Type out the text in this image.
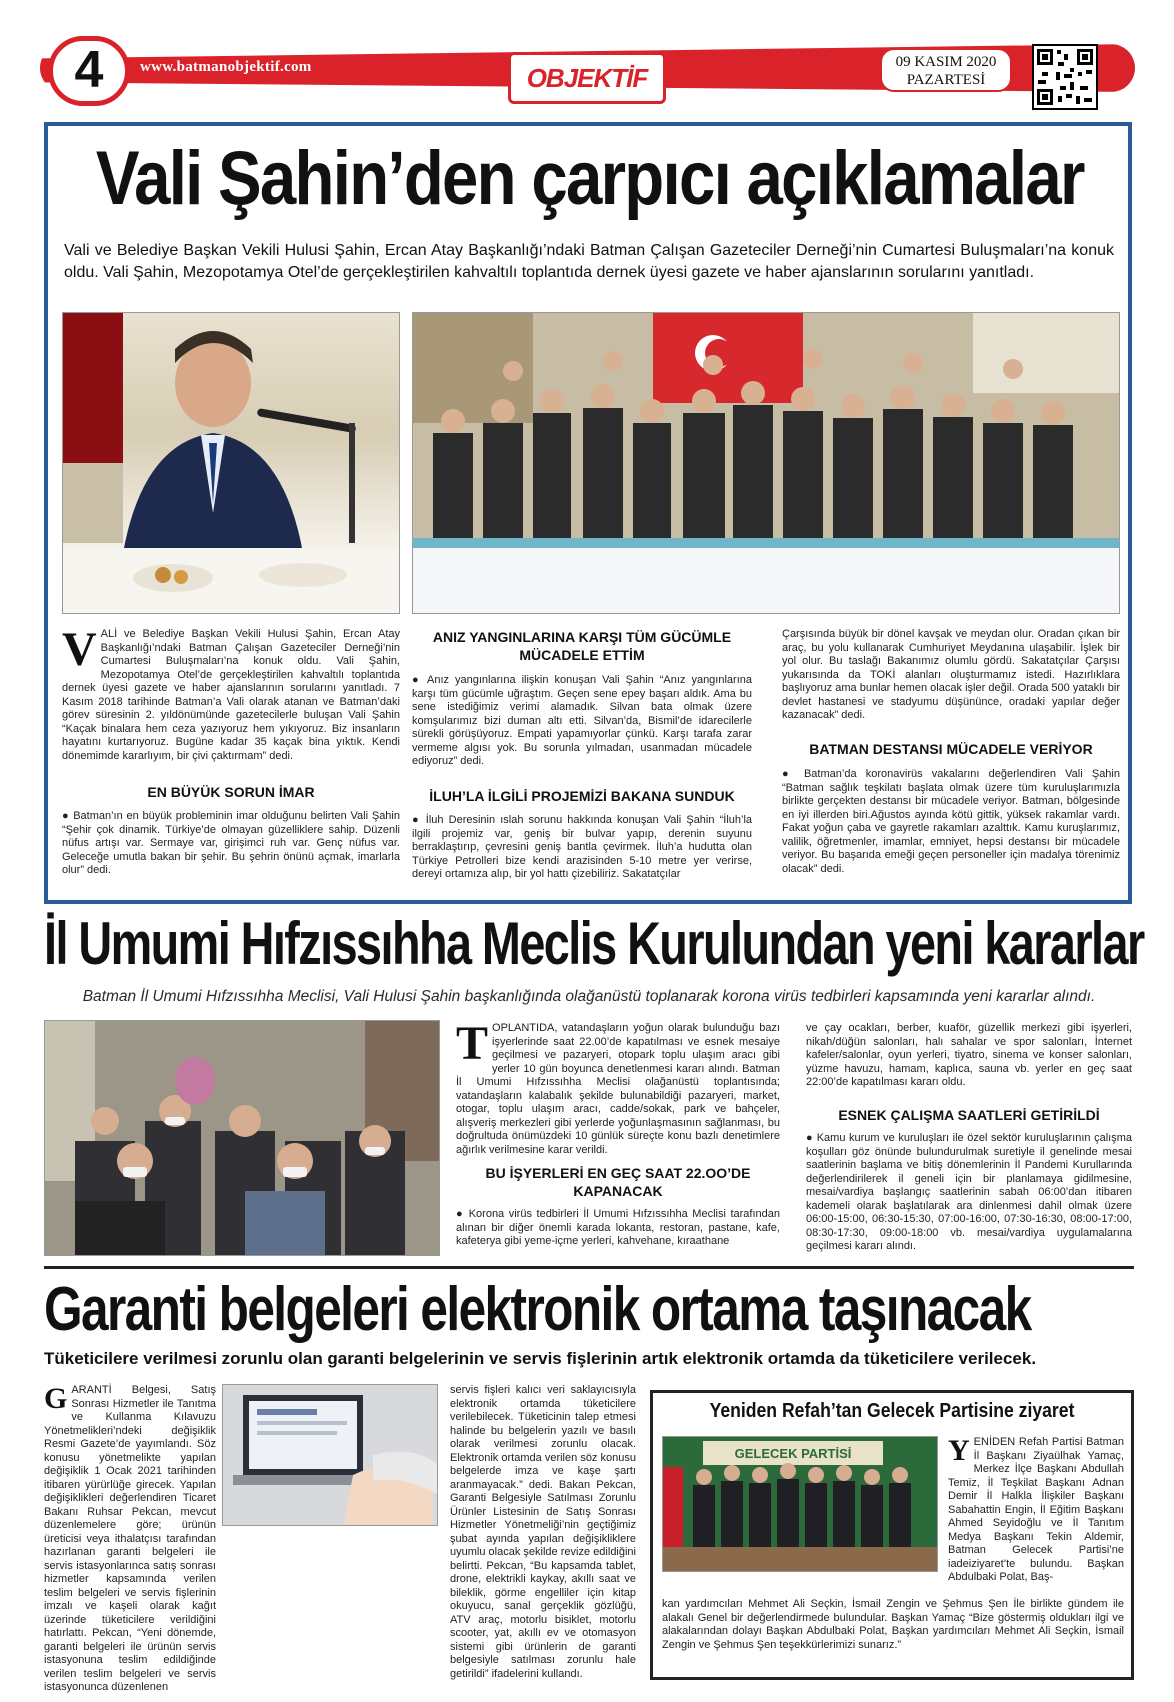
4	www.batmanobjektif.com	OBJEKTİF
09 KASIM 2020
PAZARTESİ
Vali Şahin’den çarpıcı açıklamalar
Vali ve Belediye Başkan Vekili Hulusi Şahin, Ercan Atay Başkanlığı’ndaki Batman Çalışan Gazeteciler Derneği’nin Cumartesi Buluşmaları’na konuk oldu. Vali Şahin, Mezopotamya Otel’de gerçekleştirilen kahvaltılı toplantıda dernek üyesi gazete ve haber ajanslarının sorularını yanıtladı.
VALİ ve Belediye Başkan Vekili Hulusi Şahin, Ercan Atay Başkanlığı’ndaki Batman Çalışan Gazeteciler Derneği’nin Cumartesi Buluşmaları’na konuk oldu. Vali Şahin, Mezopotamya Otel’de gerçekleştirilen kahvaltılı toplantıda dernek üyesi gazete ve haber ajanslarının sorularını yanıtladı. 7 Kasım 2018 tarihinde Batman’a Vali olarak atanan ve Batman’daki görev süresinin 2. yıldönümünde gazetecilerle buluşan Vali Şahin “Kaçak binalara hem ceza yazıyoruz hem yıkıyoruz. Biz insanların hayatını kurtarıyoruz. Bugüne kadar 35 kaçak bina yıktık. Kendi dönemimde kararlıyım, bir çivi çaktırmam” dedi.
EN BÜYÜK SORUN İMAR
● Batman’ın en büyük probleminin imar olduğunu belirten Vali Şahin “Şehir çok dinamik. Türkiye’de olmayan güzelliklere sahip. Düzenli nüfus artışı var. Sermaye var, girişimci ruh var. Genç nüfus var. Geleceğe umutla bakan bir şehir. Bu şehrin önünü açmak, imarlarla olur” dedi.
ANIZ YANGINLARINA KARŞI TÜM GÜCÜMLE MÜCADELE ETTİM
● Anız yangınlarına ilişkin konuşan Vali Şahin “Anız yangınlarına karşı tüm gücümle uğraştım. Geçen sene epey başarı aldık. Ama bu sene istediğimiz verimi alamadık. Silvan bata olmak üzere komşularımız bizi duman altı etti. Silvan’da, Bismil’de idarecilerle sürekli görüşüyoruz. Empati yapamıyorlar çünkü. Karşı tarafa zarar vermeme algısı yok. Bu sorunla yılmadan, usanmadan mücadele ediyoruz” dedi.
İLUH’LA İLGİLİ PROJEMİZİ BAKANA SUNDUK
● İluh Deresinin ıslah sorunu hakkında konuşan Vali Şahin “İluh’la ilgili projemiz var, geniş bir bulvar yapıp, derenin suyunu berraklaştırıp, çevresini geniş bantla çevirmek. İluh’a hudutta olan Türkiye Petrolleri bize kendi arazisinden 5-10 metre yer verirse, dereyi ortamıza alıp, bir yol hattı çizebiliriz. Sakatatçılar
Çarşısında büyük bir dönel kavşak ve meydan olur. Oradan çıkan bir araç, bu yolu kullanarak Cumhuriyet Meydanına ulaşabilir. İşlek bir yol olur. Bu taslağı Bakanımız olumlu gördü. Sakatatçılar Çarşısı yukarısında da TOKİ alanları oluşturmamız istedi. Hazırlıklara başlıyoruz ama bunlar hemen olacak işler değil. Orada 500 yataklı bir devlet hastanesi ve stadyumu düşününce, oradaki yapılar değer kazanacak” dedi.
BATMAN DESTANSI MÜCADELE VERİYOR
● Batman’da koronavirüs vakalarını değerlendiren Vali Şahin “Batman sağlık teşkilatı başlata olmak üzere tüm kuruluşlarımızla birlikte gerçekten destansı bir mücadele veriyor. Batman, bölgesinde en iyi illerden biri.Ağustos ayında kötü gittik, yüksek rakamlar vardı. Fakat yoğun çaba ve gayretle rakamları azalttık. Kamu kuruşlarımız, valilik, öğretmenler, imamlar, emniyet, hepsi destansı bir mücadele veriyor. Bu başarıda emeği geçen personeller için madalya törenimiz olacak” dedi.
İl Umumi Hıfzıssıhha Meclis Kurulundan yeni kararlar
Batman İl Umumi Hıfzıssıhha Meclisi, Vali Hulusi Şahin başkanlığında olağanüstü toplanarak korona virüs tedbirleri kapsamında yeni kararlar alındı.
TOPLANTIDA, vatandaşların yoğun olarak bulunduğu bazı işyerlerinde saat 22.00’de kapatılması ve esnek mesaiye geçilmesi ve pazaryeri, otopark toplu ulaşım aracı gibi yerler 10 gün boyunca denetlenmesi kararı alındı. Batman İl Umumi Hıfzıssıhha Meclisi olağanüstü toplantısında; vatandaşların kalabalık şekilde bulunabildiği pazaryeri, market, otogar, toplu ulaşım aracı, cadde/sokak, park ve bahçeler, alışveriş merkezleri gibi yerlerde yoğunlaşmasının sağlanması, bu doğrultuda önümüzdeki 10 günlük süreçte konu bazlı denetimlere ağırlık verilmesine karar verildi.
BU İŞYERLERİ EN GEÇ SAAT 22.OO’DE KAPANACAK
● Korona virüs tedbirleri İl Umumi Hıfzıssıhha Meclisi tarafından alınan bir diğer önemli karada lokanta, restoran, pastane, kafe, kafeterya gibi yeme-içme yerleri, kahvehane, kıraathane
ve çay ocakları, berber, kuaför, güzellik merkezi gibi işyerleri, nikah/düğün salonları, halı sahalar ve spor salonları, İnternet kafeler/salonlar, oyun yerleri, tiyatro, sinema ve konser salonları, yüzme havuzu, hamam, kaplıca, sauna vb. yerler en geç saat 22:00’de kapatılması kararı oldu.
ESNEK ÇALIŞMA SAATLERİ GETİRİLDİ
● Kamu kurum ve kuruluşları ile özel sektör kuruluşlarının çalışma koşulları göz önünde bulundurulmak suretiyle il genelinde mesai saatlerinin başlama ve bitiş dönemlerinin İl Pandemi Kurullarında değerlendirilerek il geneli için bir planlamaya gidilmesine, mesai/vardiya başlangıç saatlerinin sabah 06:00’dan itibaren kademeli olarak başlatılarak ara dinlenmesi dahil olmak üzere 06:00-15:00, 06:30-15:30, 07:00-16:00, 07:30-16:30, 08:00-17:00, 08:30-17:30, 09:00-18:00 vb. mesai/vardiya uygulamalarına geçilmesi kararı alındı.
Garanti belgeleri elektronik ortama taşınacak
Tüketicilere verilmesi zorunlu olan garanti belgelerinin ve servis fişlerinin artık elektronik ortamda da tüketicilere verilecek.
GARANTİ Belgesi, Satış Sonrası Hizmetler ile Tanıtma ve Kullanma Kılavuzu Yönetmelikleri’ndeki değişiklik Resmi Gazete’de yayımlandı. Söz konusu yönetmelikte yapılan değişiklik 1 Ocak 2021 tarihinden itibaren yürürlüğe girecek. Yapılan değişiklikleri değerlendiren Ticaret Bakanı Ruhsar Pekcan, mevcut düzenlemelere göre; ürünün üreticisi veya ithalatçısı tarafından hazırlanan garanti belgeleri ile servis istasyonlarınca satış sonrası hizmetler kapsamında verilen teslim belgeleri ve servis fişlerinin imzalı ve kaşeli olarak kağıt üzerinde tüketicilere verildiğini hatırlattı. Pekcan, “Yeni dönemde, garanti belgeleri ile ürünün servis istasyonuna teslim edildiğinde verilen teslim belgeleri ve servis istasyonunca düzenlenen
servis fişleri kalıcı veri saklayıcısıyla elektronik ortamda tüketicilere verilebilecek. Tüketicinin talep etmesi halinde bu belgelerin yazılı ve basılı olarak verilmesi zorunlu olacak. Elektronik ortamda verilen söz konusu belgelerde imza ve kaşe şartı aranmayacak.” dedi. Bakan Pekcan, Garanti Belgesiyle Satılması Zorunlu Ürünler Listesinin de Satış Sonrası Hizmetler Yönetmeliği’nin geçtiğimiz şubat ayında yapılan değişikliklere uyumlu olacak şekilde revize edildiğini belirtti. Pekcan, “Bu kapsamda tablet, drone, elektrikli kaykay, akıllı saat ve bileklik, görme engelliler için kitap okuyucu, sanal gerçeklik gözlüğü, ATV araç, motorlu bisiklet, motorlu scooter, yat, akıllı ev ve otomasyon sistemi gibi ürünlerin de garanti belgesiyle satılması zorunlu hale getirildi” ifadelerini kullandı.
Yeniden Refah’tan Gelecek Partisine ziyaret
GELECEK PARTİSİ	YENİDEN Refah Partisi Batman İl Başkanı Ziyaülhak Yamaç, Merkez İlçe Başkanı Abdullah Temiz, İl Teşkilat Başkanı Adnan Demir İl Halkla İlişkiler Başkanı Sabahattin Engin, İl Eğitim Başkanı Ahmed Seyidoğlu ve İl Tanıtım Medya Başkanı Tekin Aldemir, Batman Gelecek Partisi’ne iadeiziyaret’te bulundu. Başkan Abdulbaki Polat, Baş-
kan yardımcıları Mehmet Ali Seçkin, İsmail Zengin ve Şehmus Şen İle birlikte gündem ile alakalı Genel bir değerlendirmede bulundular. Başkan Yamaç “Bize göstermiş oldukları ilgi ve alakalarından dolayı Başkan Abdulbaki Polat, Başkan yardımcıları Mehmet Ali Seçkin, İsmail Zengin ve Şehmus Şen teşekkürlerimizi sunarız.”
